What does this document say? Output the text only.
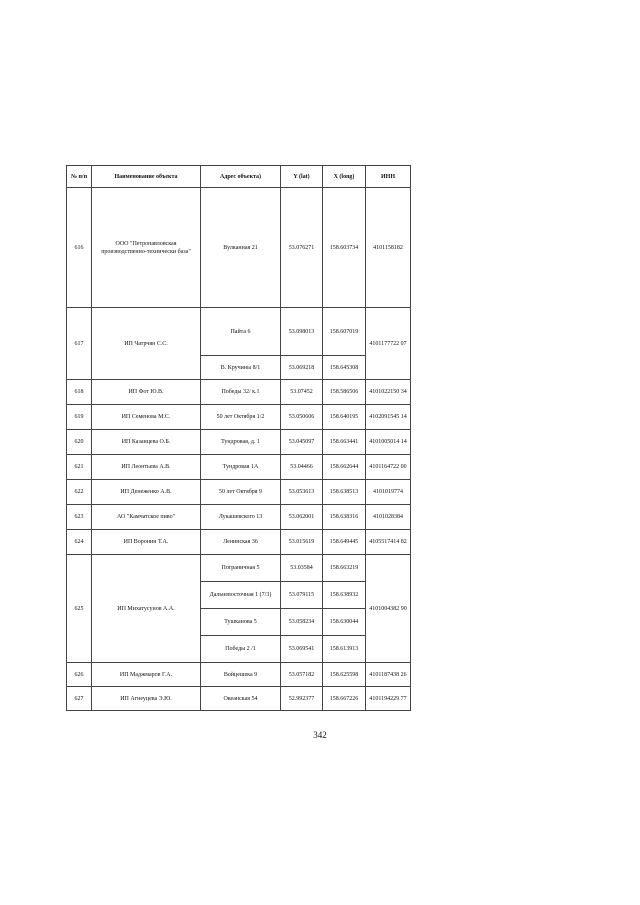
№ п/п	Наименование объекта	Адрес объекта)	Y (lat)	X (long)	ИНН
616	ООО "Петропавловская производственно-технически база"	Вулканная 21	53.076271	158.603734	4101158182
617	ИП Чатрчян С.С.	Пайта 6	53.098013	158.607019	4101177722 07
		В. Кручины 8/1	53.069218	158.645308	
618	ИП Фот Ю.В.	Победы 32/ к.1	53.07452	158.586506	4101022150 34
619	ИП Семенова М.С.	50 лет Октября 1/2	53.050606	158.640195	4102091545 14
620	ИП Казанцева О.Б.	Тундровая, д. 1	53.045097	158.663441	4101005014 14
621	ИП Леонтьева А.В.	Тундровая 1А	53.04466	158.662644	4101164722 00
622	ИП Денеженко А.В.	50 лет Октября 9	53.053613	158.638513	4101019774
623	АО "Камчатское пиво"	Лукашевского 13	53.062001	158.638316	4101028384
624	ИП Воронин Т.А.	Ленинская 36	53.015619	158.649445	4105517414 82
625	ИП Михатусунов А.А.	Пограничная 5	53.03584	158.663219	4101004382 90
		Дальневосточная 1 (7/3)	53.079115	158.638932	
		Тушканова 5	53.058234	158.630044	
		Победы 2 /1	53.069541	158.613913	
626	ИП Маджмаров Г.А.	Войцешека 9	53.057182	158.625598	4101187438 26
627	ИП Агнеуцева Э.Ю.	Океанская 54	52.992377	158.667226	4101194229 77
342
